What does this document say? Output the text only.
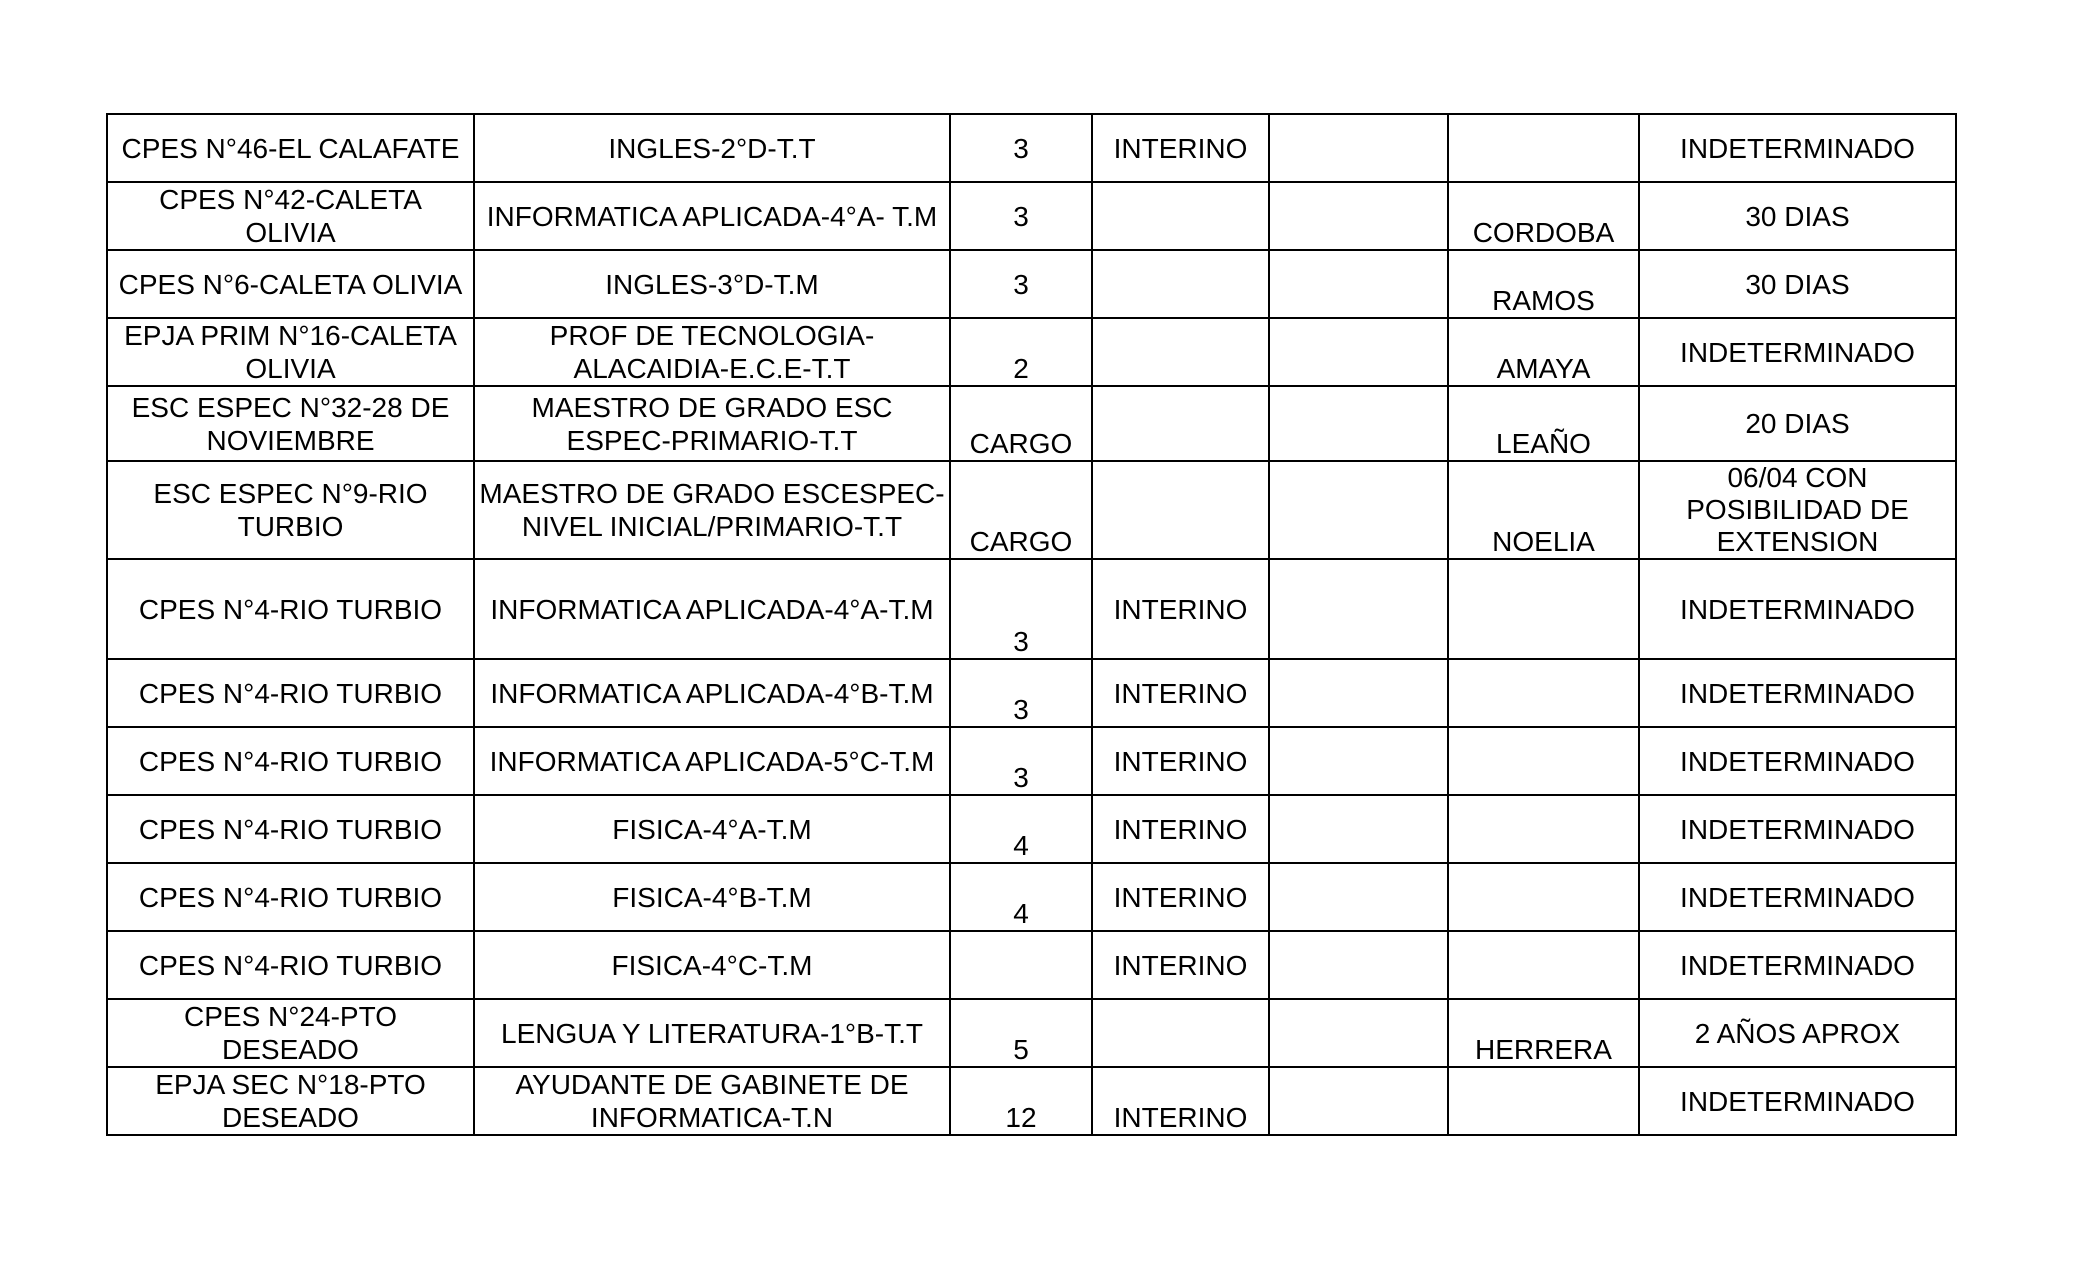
CPES N°46-EL CALAFATE	INGLES-2°D-T.T	3	INTERINO			INDETERMINADO
CPES N°42-CALETA OLIVIA	INFORMATICA APLICADA-4°A- T.M	3			CORDOBA	30 DIAS
CPES N°6-CALETA OLIVIA	INGLES-3°D-T.M	3			RAMOS	30 DIAS
EPJA PRIM N°16-CALETA OLIVIA	PROF DE TECNOLOGIA-ALACAIDIA-E.C.E-T.T	2			AMAYA	INDETERMINADO
ESC ESPEC N°32-28 DE NOVIEMBRE	MAESTRO DE GRADO ESC ESPEC-PRIMARIO-T.T	CARGO			LEAÑO	20 DIAS
ESC ESPEC N°9-RIO TURBIO	MAESTRO DE GRADO ESCESPEC-NIVEL INICIAL/PRIMARIO-T.T	CARGO			NOELIA	06/04 CON POSIBILIDAD DE EXTENSION
CPES N°4-RIO TURBIO	INFORMATICA APLICADA-4°A-T.M	3	INTERINO			INDETERMINADO
CPES N°4-RIO TURBIO	INFORMATICA APLICADA-4°B-T.M	3	INTERINO			INDETERMINADO
CPES N°4-RIO TURBIO	INFORMATICA APLICADA-5°C-T.M	3	INTERINO			INDETERMINADO
CPES N°4-RIO TURBIO	FISICA-4°A-T.M	4	INTERINO			INDETERMINADO
CPES N°4-RIO TURBIO	FISICA-4°B-T.M	4	INTERINO			INDETERMINADO
CPES N°4-RIO TURBIO	FISICA-4°C-T.M		INTERINO			INDETERMINADO
CPES N°24-PTO DESEADO	LENGUA Y LITERATURA-1°B-T.T	5			HERRERA	2 AÑOS APROX
EPJA SEC N°18-PTO DESEADO	AYUDANTE DE GABINETE DE INFORMATICA-T.N	12	INTERINO			INDETERMINADO
